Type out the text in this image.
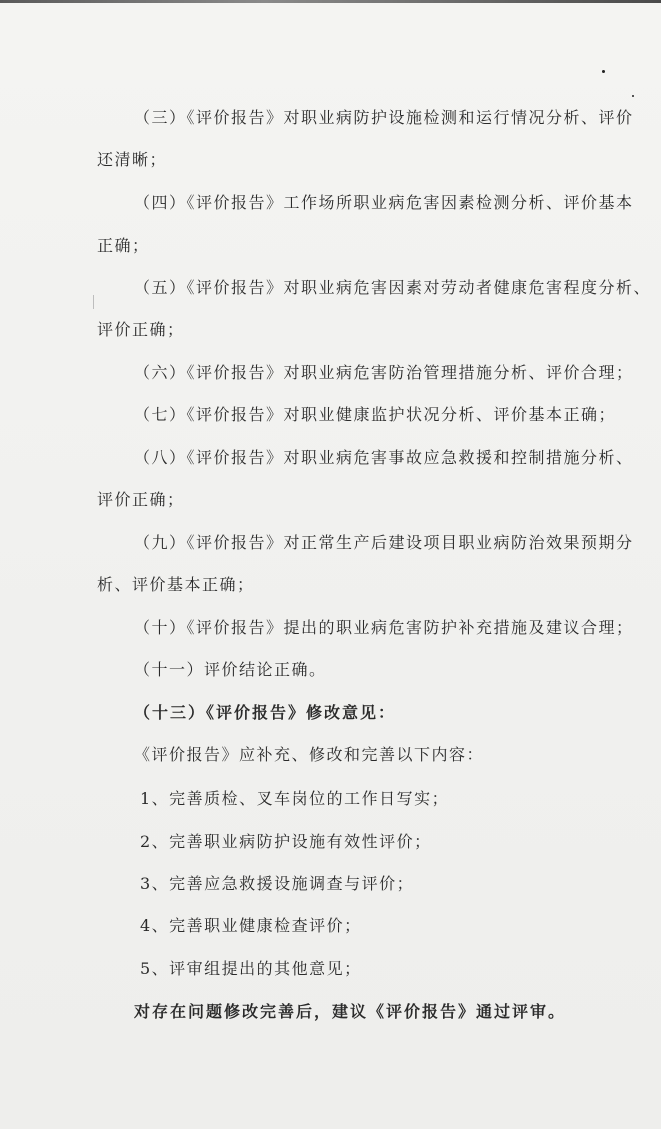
（三）《评价报告》对职业病防护设施检测和运行情况分析、评价
还清晰；
（四）《评价报告》工作场所职业病危害因素检测分析、评价基本
正确；
（五）《评价报告》对职业病危害因素对劳动者健康危害程度分析、
评价正确；
（六）《评价报告》对职业病危害防治管理措施分析、评价合理；
（七）《评价报告》对职业健康监护状况分析、评价基本正确；
（八）《评价报告》对职业病危害事故应急救援和控制措施分析、
评价正确；
（九）《评价报告》对正常生产后建设项目职业病防治效果预期分
析、评价基本正确；
（十）《评价报告》提出的职业病危害防护补充措施及建议合理；
（十一）评价结论正确。
（十三）《评价报告》修改意见：
《评价报告》应补充、修改和完善以下内容：
1、完善质检、叉车岗位的工作日写实；
2、完善职业病防护设施有效性评价；
3、完善应急救援设施调查与评价；
4、完善职业健康检查评价；
5、评审组提出的其他意见；
对存在问题修改完善后，建议《评价报告》通过评审。
